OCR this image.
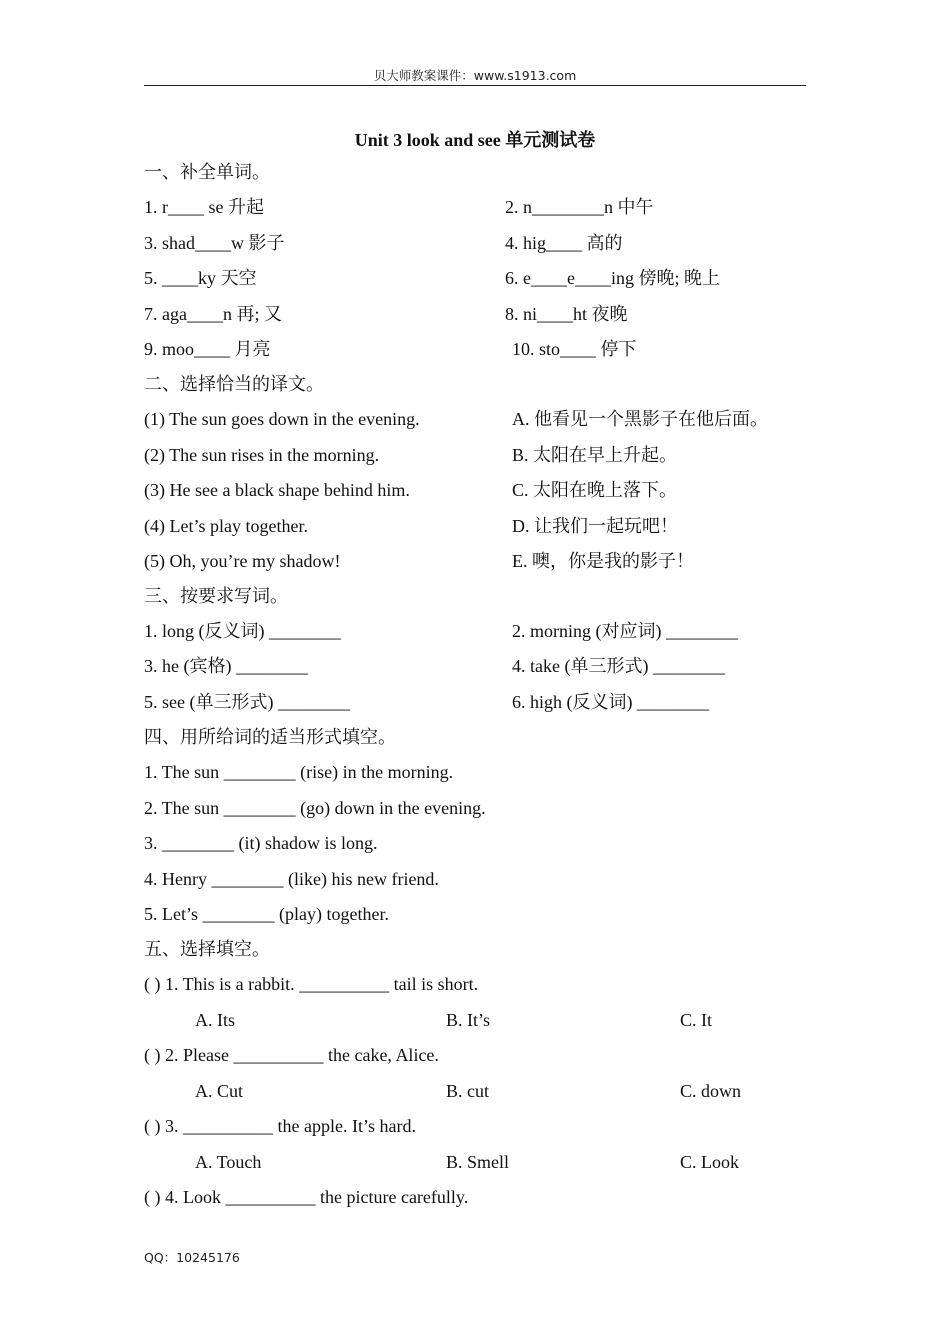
贝大师教案课件：www.s1913.com
Unit 3 look and see 单元测试卷
一、补全单词。
1. r____ se 升起	2. n________n 中午
3. shad____w 影子	4. hig____ 高的
5. ____ky 天空	6. e____e____ing 傍晚; 晚上
7. aga____n 再; 又	8. ni____ht 夜晚
9. moo____ 月亮	10. sto____ 停下
二、选择恰当的译文。
(1) The sun goes down in the evening.	A. 他看见一个黑影子在他后面。
(2) The sun rises in the morning.	B. 太阳在早上升起。
(3) He see a black shape behind him.	C. 太阳在晚上落下。
(4) Let’s play together.	D. 让我们一起玩吧！
(5) Oh, you’re my shadow!	E. 噢，你是我的影子！
三、按要求写词。
1. long (反义词) ________	2. morning (对应词) ________
3. he (宾格) ________	4. take (单三形式) ________
5. see (单三形式) ________	6. high (反义词) ________
四、用所给词的适当形式填空。
1. The sun ________ (rise) in the morning.
2. The sun ________ (go) down in the evening.
3. ________ (it) shadow is long.
4. Henry ________ (like) his new friend.
5. Let’s ________ (play) together.
五、选择填空。
( ) 1. This is a rabbit. __________ tail is short.
A. Its	B. It’s	C. It
( ) 2. Please __________ the cake, Alice.
A. Cut	B. cut	C. down
( ) 3. __________ the apple. It’s hard.
A. Touch	B. Smell	C. Look
( ) 4. Look __________ the picture carefully.
QQ：10245176
